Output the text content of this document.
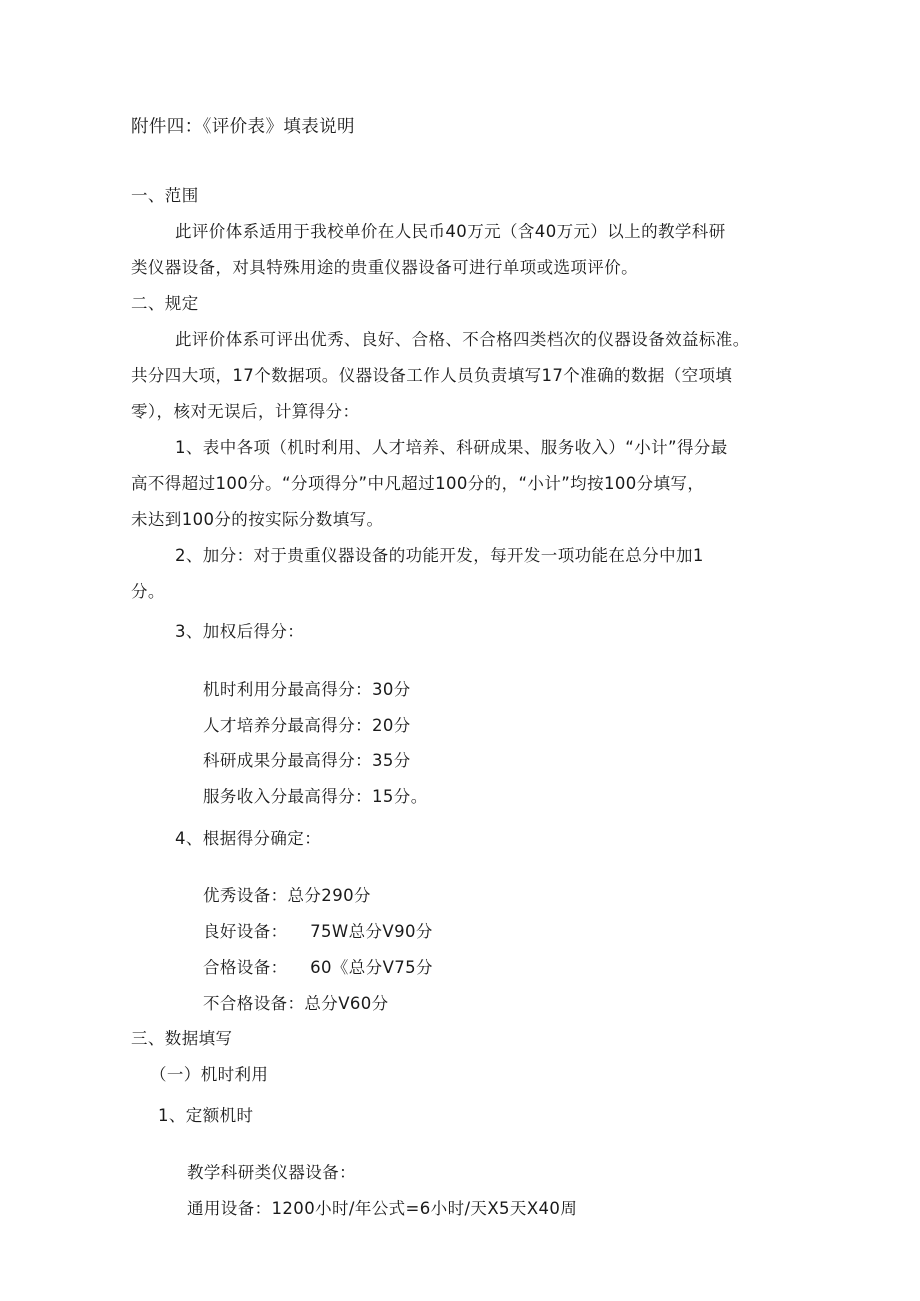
附件四：《评价表》填表说明
一、范围
此评价体系适用于我校单价在人民币40万元（含40万元）以上的教学科研
类仪器设备，对具特殊用途的贵重仪器设备可进行单项或选项评价。
二、规定
此评价体系可评出优秀、良好、合格、不合格四类档次的仪器设备效益标准。
共分四大项，17个数据项。仪器设备工作人员负责填写17个准确的数据（空项填
零），核对无误后，计算得分：
1、表中各项（机时利用、人才培养、科研成果、服务收入）“小计”得分最
高不得超过100分。“分项得分”中凡超过100分的，“小计”均按100分填写，
未达到100分的按实际分数填写。
2、加分：对于贵重仪器设备的功能开发，每开发一项功能在总分中加1
分。
3、加权后得分：
机时利用分最高得分：30分
人才培养分最高得分：20分
科研成果分最高得分：35分
服务收入分最高得分：15分。
4、根据得分确定：
优秀设备：总分290分
良好设备：    75W总分V90分
合格设备：    60《总分V75分
不合格设备：总分V60分
三、数据填写
（一）机时利用
1、定额机时
教学科研类仪器设备：
通用设备：1200小时/年公式=6小时/天X5天X40周
